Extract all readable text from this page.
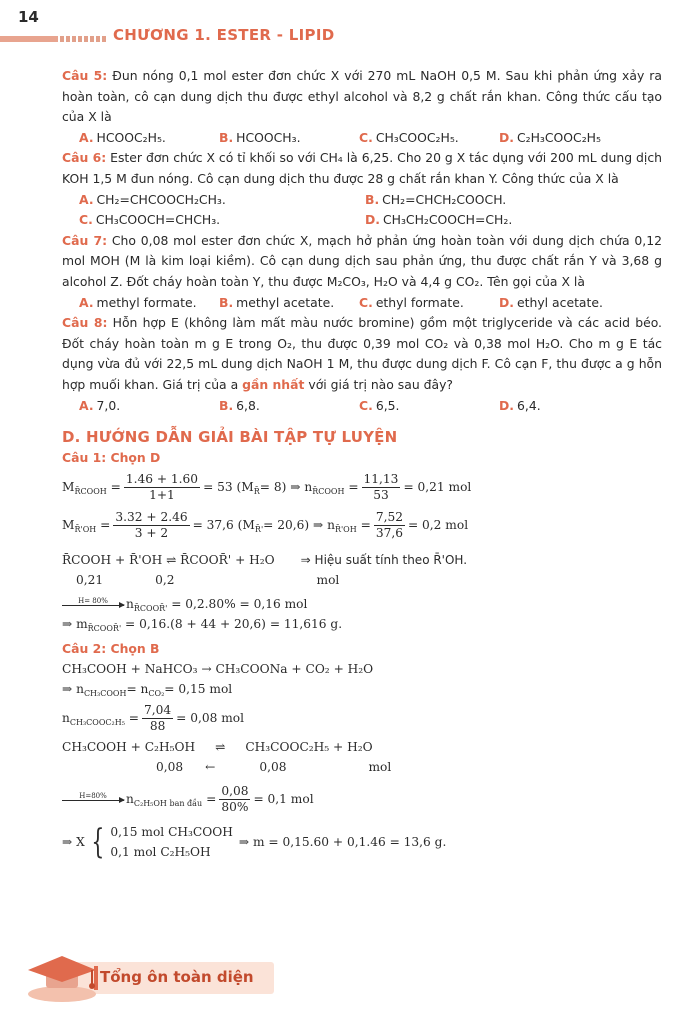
14
CHƯƠNG 1. ESTER - LIPID
Câu 5: Đun nóng 0,1 mol ester đơn chức X với 270 mL NaOH 0,5 M. Sau khi phản ứng xảy ra hoàn toàn, cô cạn dung dịch thu được ethyl alcohol và 8,2 g chất rắn khan. Công thức cấu tạo của X là
A. HCOOC₂H₅.	B. HCOOCH₃.	C. CH₃COOC₂H₅.	D. C₂H₃COOC₂H₅
Câu 6: Ester đơn chức X có tỉ khối so với CH₄ là 6,25. Cho 20 g X tác dụng với 200 mL dung dịch KOH 1,5 M đun nóng. Cô cạn dung dịch thu được 28 g chất rắn khan Y. Công thức của X là
A. CH₂=CHCOOCH₂CH₃.	B. CH₂=CHCH₂COOCH.
C. CH₃COOCH=CHCH₃.	D. CH₃CH₂COOCH=CH₂.
Câu 7: Cho 0,08 mol ester đơn chức X, mạch hở phản ứng hoàn toàn với dung dịch chứa 0,12 mol MOH (M là kim loại kiềm). Cô cạn dung dịch sau phản ứng, thu được chất rắn Y và 3,68 g alcohol Z. Đốt cháy hoàn toàn Y, thu được M₂CO₃, H₂O và 4,4 g CO₂. Tên gọi của X là
A. methyl formate.	B. methyl acetate.	C. ethyl formate.	D. ethyl acetate.
Câu 8: Hỗn hợp E (không làm mất màu nước bromine) gồm một triglyceride và các acid béo. Đốt cháy hoàn toàn m g E trong O₂, thu được 0,39 mol CO₂ và 0,38 mol H₂O. Cho m g E tác dụng vừa đủ với 22,5 mL dung dịch NaOH 1 M, thu được dung dịch F. Cô cạn F, thu được a g hỗn hợp muối khan. Giá trị của a gần nhất với giá trị nào sau đây?
A. 7,0.	B. 6,8.	C. 6,5.	D. 6,4.
D. HƯỚNG DẪN GIẢI BÀI TẬP TỰ LUYỆN
Câu 1: Chọn D
M R̄COOH = $\frac{1.46 + 1.60}{1+1} = 53$ (M R̄ = 8) ⇒ n R̄COOH = $\frac{11,13}{53} = 0,21$ mol
M R̄'OH = $\frac{3.32 + 2.46}{3 + 2} = 37,6$ (M R̄' = 20,6) ⇒ n R̄'OH = $\frac{7,52}{37,6} = 0,2$ mol
R̄COOH + R̄'OH ⇌ R̄COOR̄' + H₂O ⇒ Hiệu suất tính theo R̄'OH.
0,21	0,2	mol
H= 80% n R̄COOR̄'
= 0,2.80% = 0,16 mol
⇒ m R̄COOR̄'
= 0,16.(8 + 44 + 20,6) = 11,616 g.
Câu 2: Chọn B
CH₃COOH + NaHCO₃ → CH₃COONa + CO₂ + H₂O
⇒ n CH₃COOH = n CO₂ = 0,15 mol
n CH₃COOC₂H₅ = $\frac{7,04}{88} = 0,08$ mol
CH₃COOH + C₂H₅OH ⇌ CH₃COOC₂H₅ + H₂O
0,08 ←	0,08	mol
H=80% n C₂H₅OH ban đầu = $\frac{0,08}{80\%} = 0,1$ mol
⇒ X { 0,15 mol CH₃COOH
0,1 mol C₂H₅OH
⇒ m = 0,15.60 + 0,1.46 = 13,6 g.
Tổng ôn toàn diện
